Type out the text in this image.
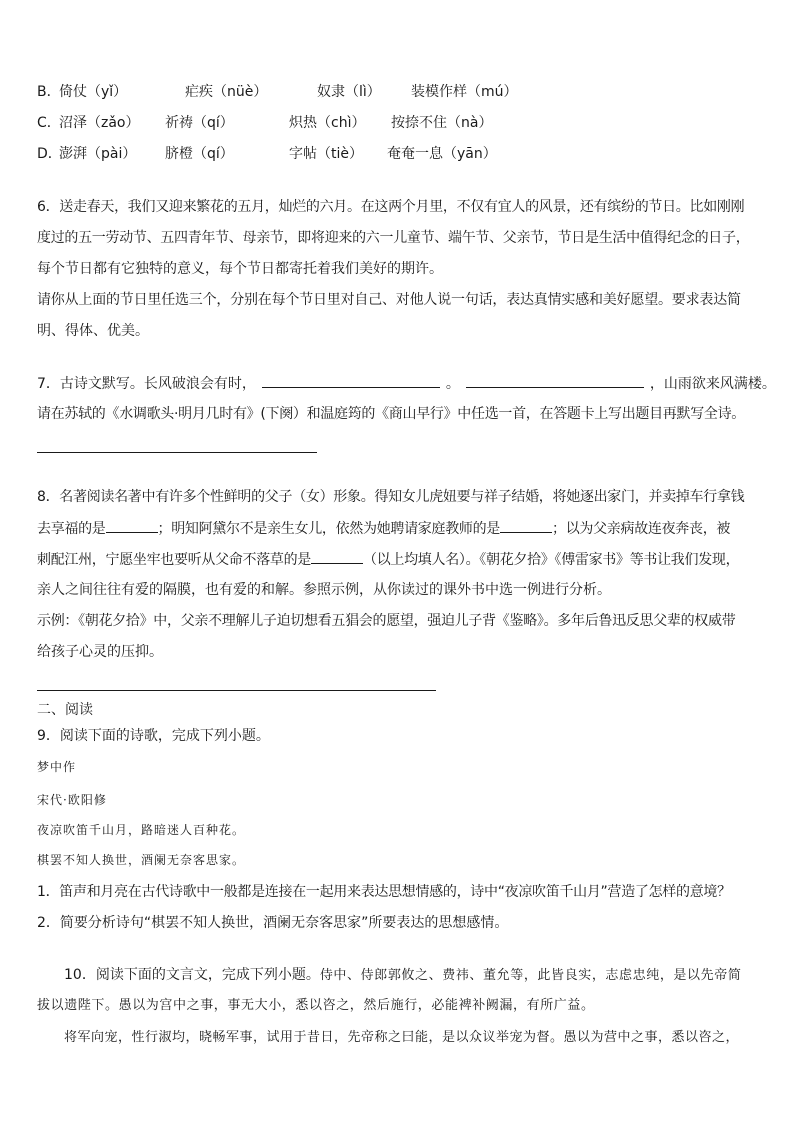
B．
倚仗（yǐ）	疟疾（nüè）	奴隶（lì） 装模作样（mú）
C．
沼泽（zǎo） 祈祷（qí）	炽热（chì） 按捺不住（nà）
D．
澎湃（pài） 脐橙（qí）	字帖（tiè） 奄奄一息（yān）
6．送走春天，我们又迎来繁花的五月，灿烂的六月。在这两个月里，不仅有宜人的风景，还有缤纷的节日。比如刚刚
度过的五一劳动节、五四青年节、母亲节，即将迎来的六一儿童节、端午节、父亲节，节日是生活中值得纪念的日子，
每个节日都有它独特的意义，每个节日都寄托着我们美好的期许。
请你从上面的节日里任选三个，分别在每个节日里对自己、对他人说一句话，表达真情实感和美好愿望。要求表达简
明、得体、优美。
7．古诗文默写。长风破浪会有时，	。	，山雨欲来风满楼。
请在苏轼的《水调歌头·明月几时有》(下阕）和温庭筠的《商山早行》中任选一首，在答题卡上写出题目再默写全诗。
8．名著阅读名著中有许多个性鲜明的父子（女）形象。得知女儿虎妞要与祥子结婚，将她逐出家门，并卖掉车行拿钱
去享福的是	；明知阿黛尔不是亲生女儿，依然为她聘请家庭教师的是	；以为父亲病故连夜奔丧，被
刺配江州，宁愿坐牢也要听从父命不落草的是	（以上均填人名）。《朝花夕拾》《傅雷家书》等书让我们发现，
亲人之间往往有爱的隔膜，也有爱的和解。参照示例，从你读过的课外书中选一例进行分析。
示例：《朝花夕拾》中，父亲不理解儿子迫切想看五猖会的愿望，强迫儿子背《鉴略》。多年后鲁迅反思父辈的权威带
给孩子心灵的压抑。
二、阅读
9．阅读下面的诗歌，完成下列小题。
梦中作
宋代·欧阳修
夜凉吹笛千山月，路暗迷人百种花。
棋罢不知人换世，酒阑无奈客思家。
1．笛声和月亮在古代诗歌中一般都是连接在一起用来表达思想情感的，诗中“夜凉吹笛千山月”营造了怎样的意境？
2．简要分析诗句“棋罢不知人换世，酒阑无奈客思家”所要表达的思想感情。
10．阅读下面的文言文，完成下列小题。侍中、侍郎郭攸之、费祎、董允等，此皆良实，志虑忠纯，是以先帝简
拔以遗陛下。愚以为宫中之事，事无大小，悉以咨之，然后施行，必能裨补阙漏，有所广益。
将军向宠，性行淑均，晓畅军事，试用于昔日，先帝称之曰能，是以众议举宠为督。愚以为营中之事，悉以咨之，
